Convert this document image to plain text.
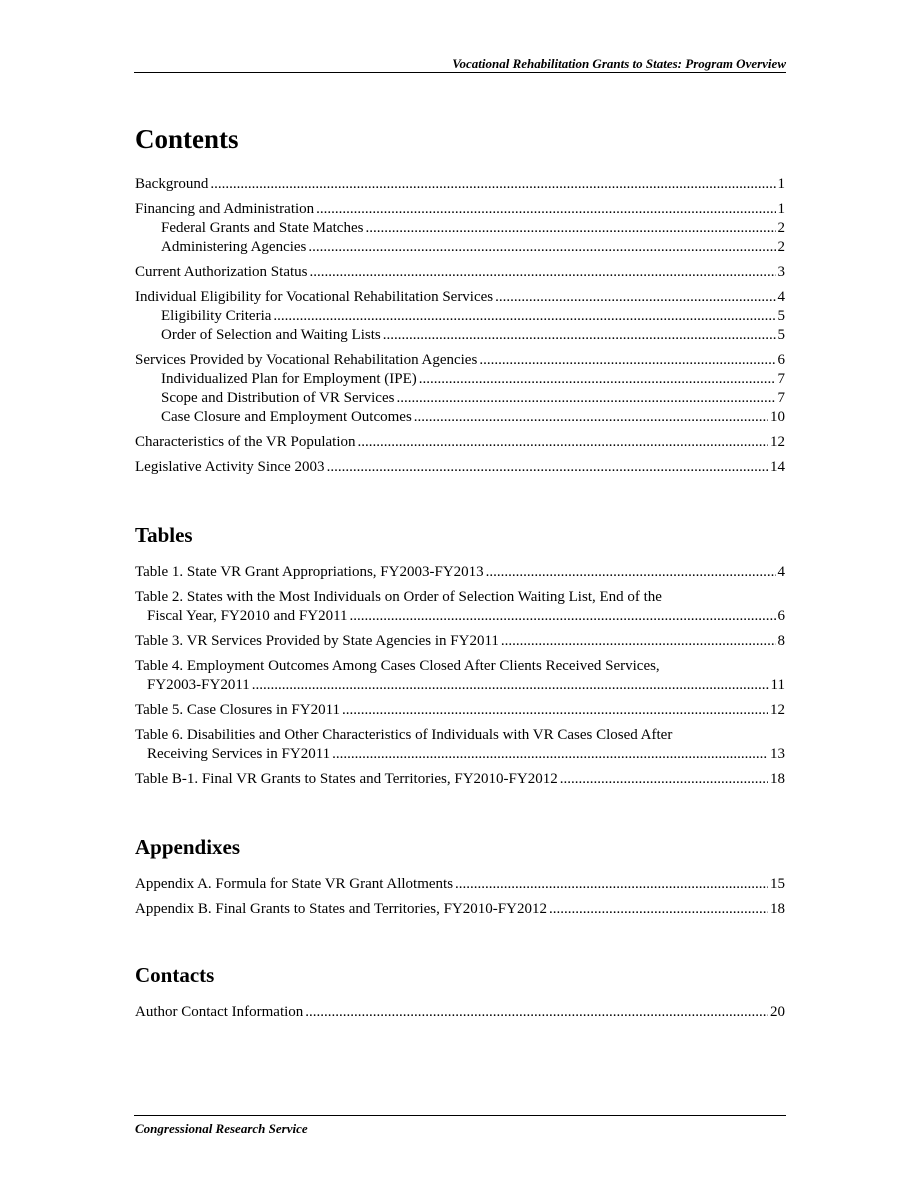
Vocational Rehabilitation Grants to States: Program Overview
Contents
Background .....	1
Financing and Administration .....	1
Federal Grants and State Matches .....	2
Administering Agencies .....	2
Current Authorization Status .....	3
Individual Eligibility for Vocational Rehabilitation Services .....	4
Eligibility Criteria .....	5
Order of Selection and Waiting Lists .....	5
Services Provided by Vocational Rehabilitation Agencies .....	6
Individualized Plan for Employment (IPE) .....	7
Scope and Distribution of VR Services .....	7
Case Closure and Employment Outcomes .....	10
Characteristics of the VR Population .....	12
Legislative Activity Since 2003 .....	14
Tables
Table 1. State VR Grant Appropriations, FY2003-FY2013 .....	4
Table 2. States with the Most Individuals on Order of Selection Waiting List, End of the
Fiscal Year, FY2010 and FY2011 .....	6
Table 3. VR Services Provided by State Agencies in FY2011 .....	8
Table 4. Employment Outcomes Among Cases Closed After Clients Received Services,
FY2003-FY2011 .....	11
Table 5. Case Closures in FY2011 .....	12
Table 6. Disabilities and Other Characteristics of Individuals with VR Cases Closed After
Receiving Services in FY2011 .....	13
Table B-1. Final VR Grants to States and Territories, FY2010-FY2012 .....	18
Appendixes
Appendix A. Formula for State VR Grant Allotments .....	15
Appendix B. Final Grants to States and Territories, FY2010-FY2012 .....	18
Contacts
Author Contact Information .....	20
Congressional Research Service
